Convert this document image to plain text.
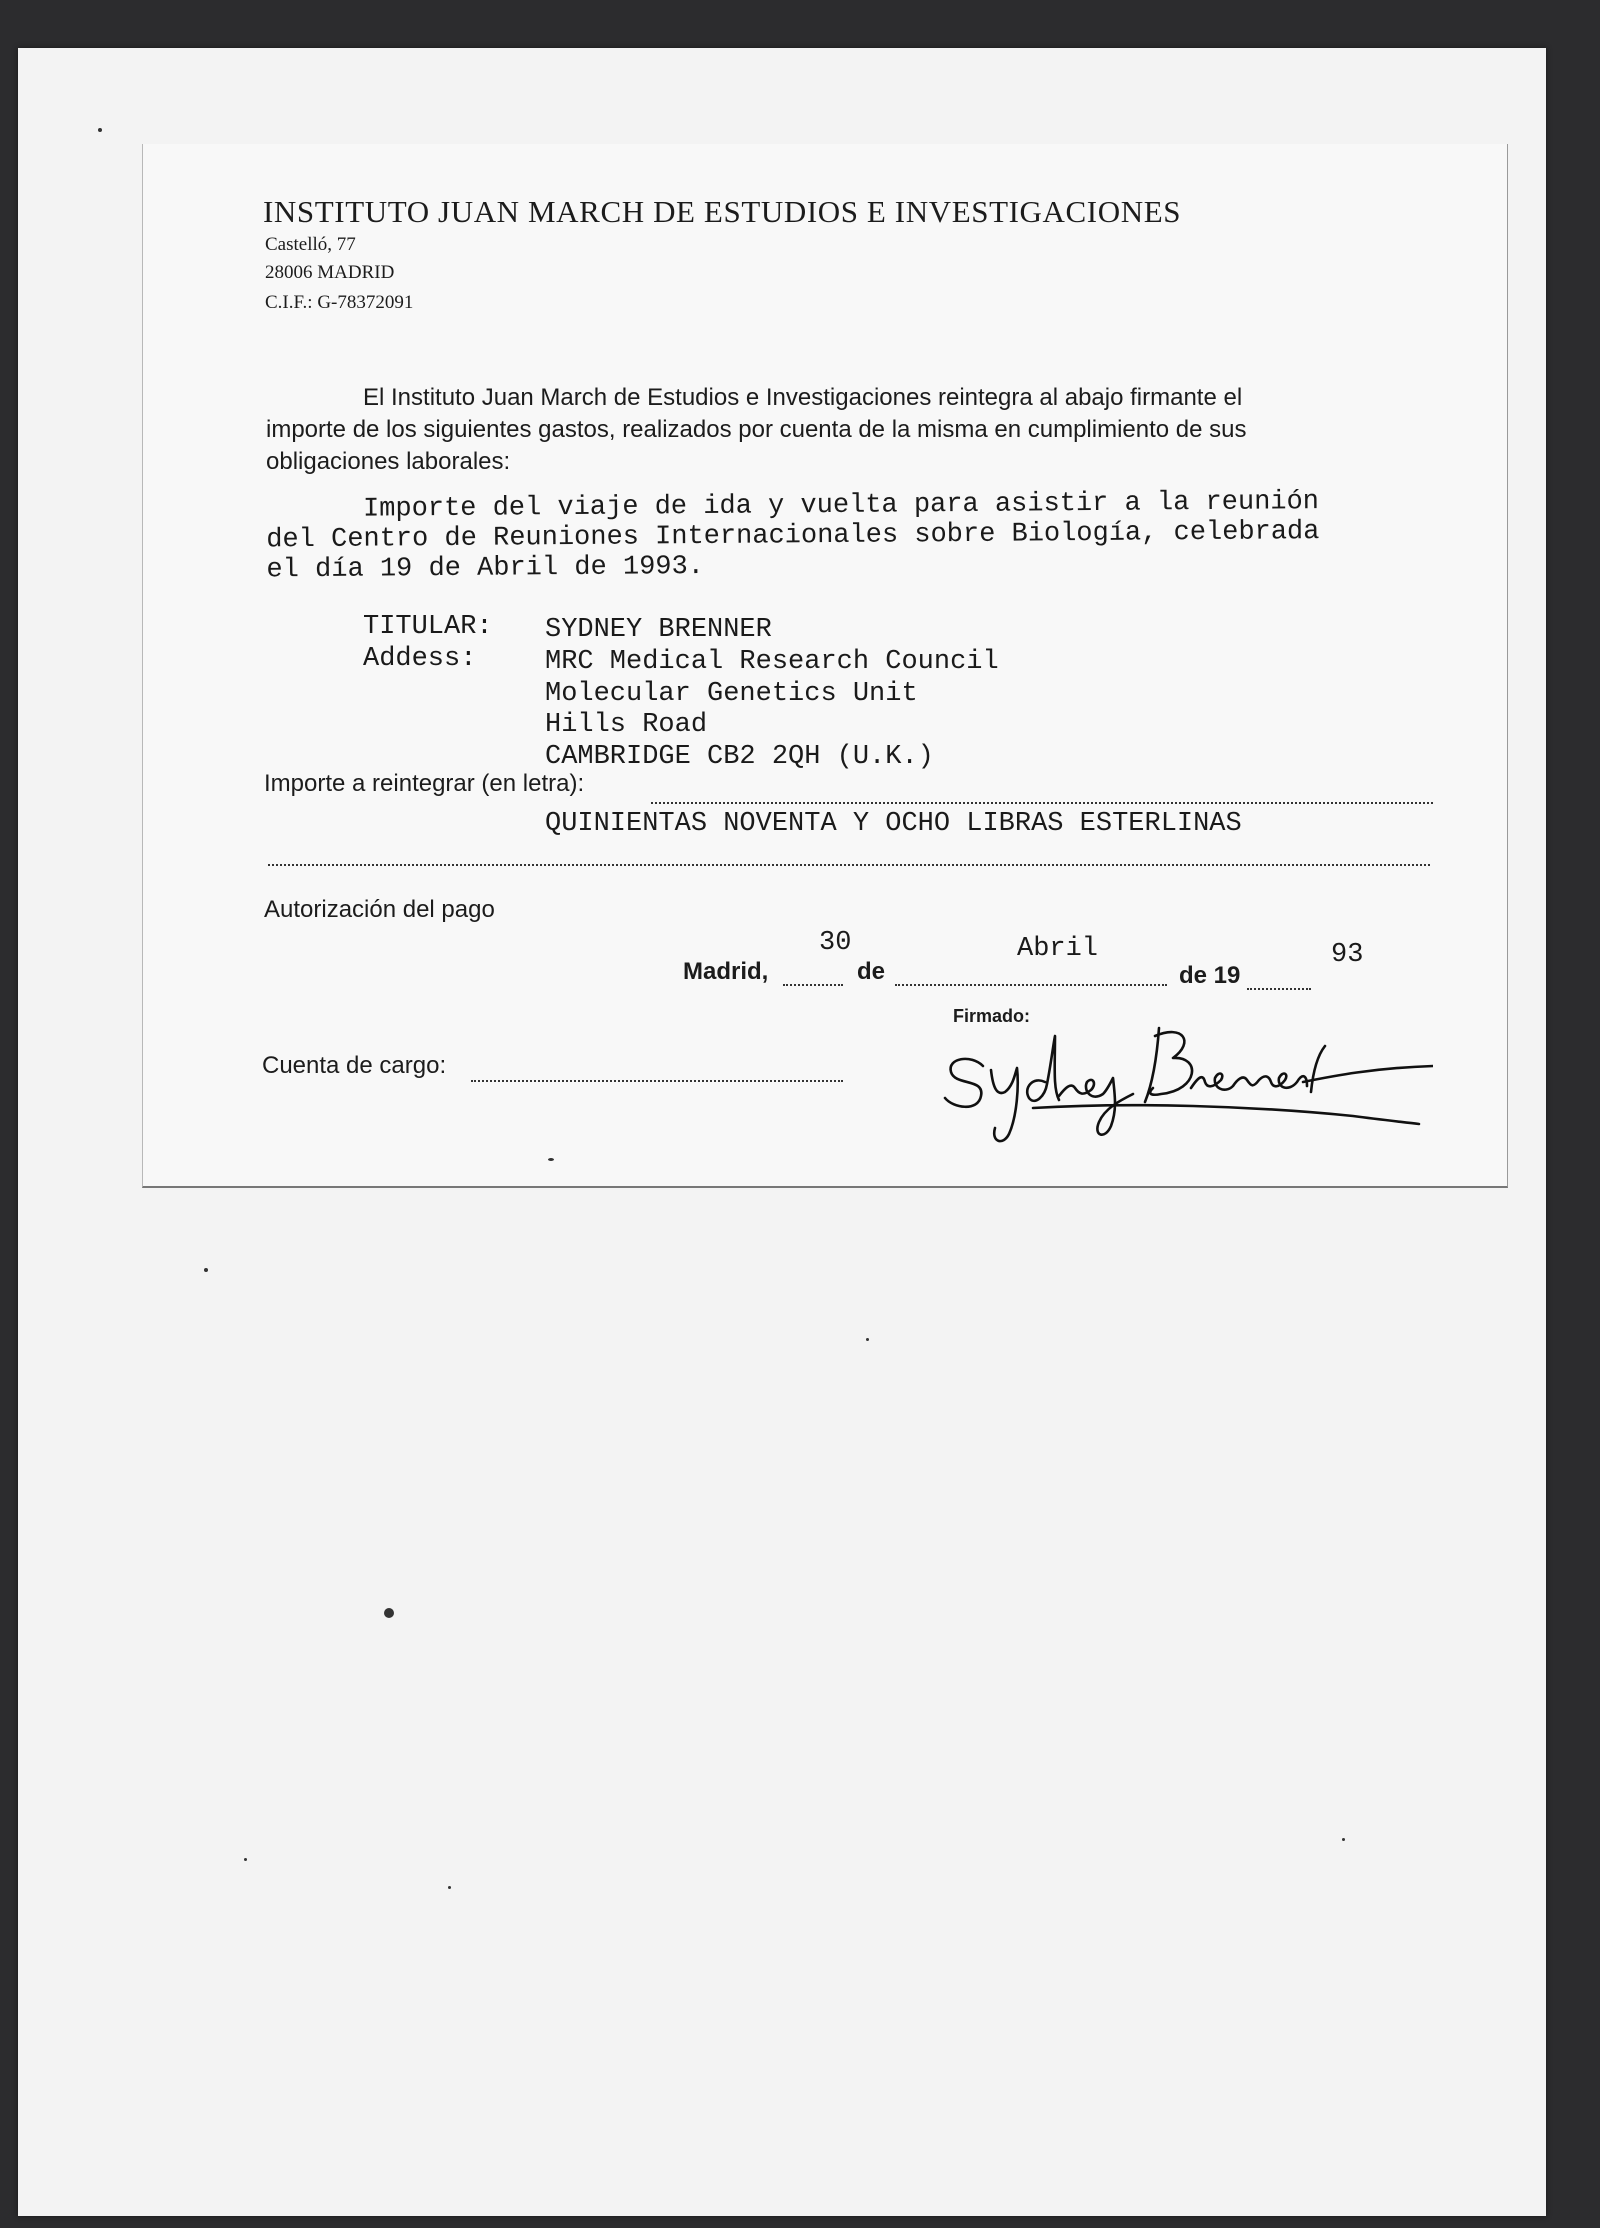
INSTITUTO JUAN MARCH DE ESTUDIOS E INVESTIGACIONES
Castelló, 77
28006 MADRID
C.I.F.: G-78372091
El Instituto Juan March de Estudios e Investigaciones reintegra al abajo firmante el
importe de los siguientes gastos, realizados por cuenta de la misma en cumplimiento de sus
obligaciones laborales:
Importe del viaje de ida y vuelta para asistir a la reunión
del Centro de Reuniones Internacionales sobre Biología, celebrada
el día 19 de Abril de 1993.
TITULAR: SYDNEY BRENNER
Addess:	MRC Medical Research Council
Molecular Genetics Unit
Hills Road
CAMBRIDGE CB2 2QH (U.K.)
Importe a reintegrar (en letra):
QUINIENTAS NOVENTA Y OCHO LIBRAS ESTERLINAS
Autorización del pago
30	Abril	93
Madrid,	de	de 19
Firmado:
Cuenta de cargo:
